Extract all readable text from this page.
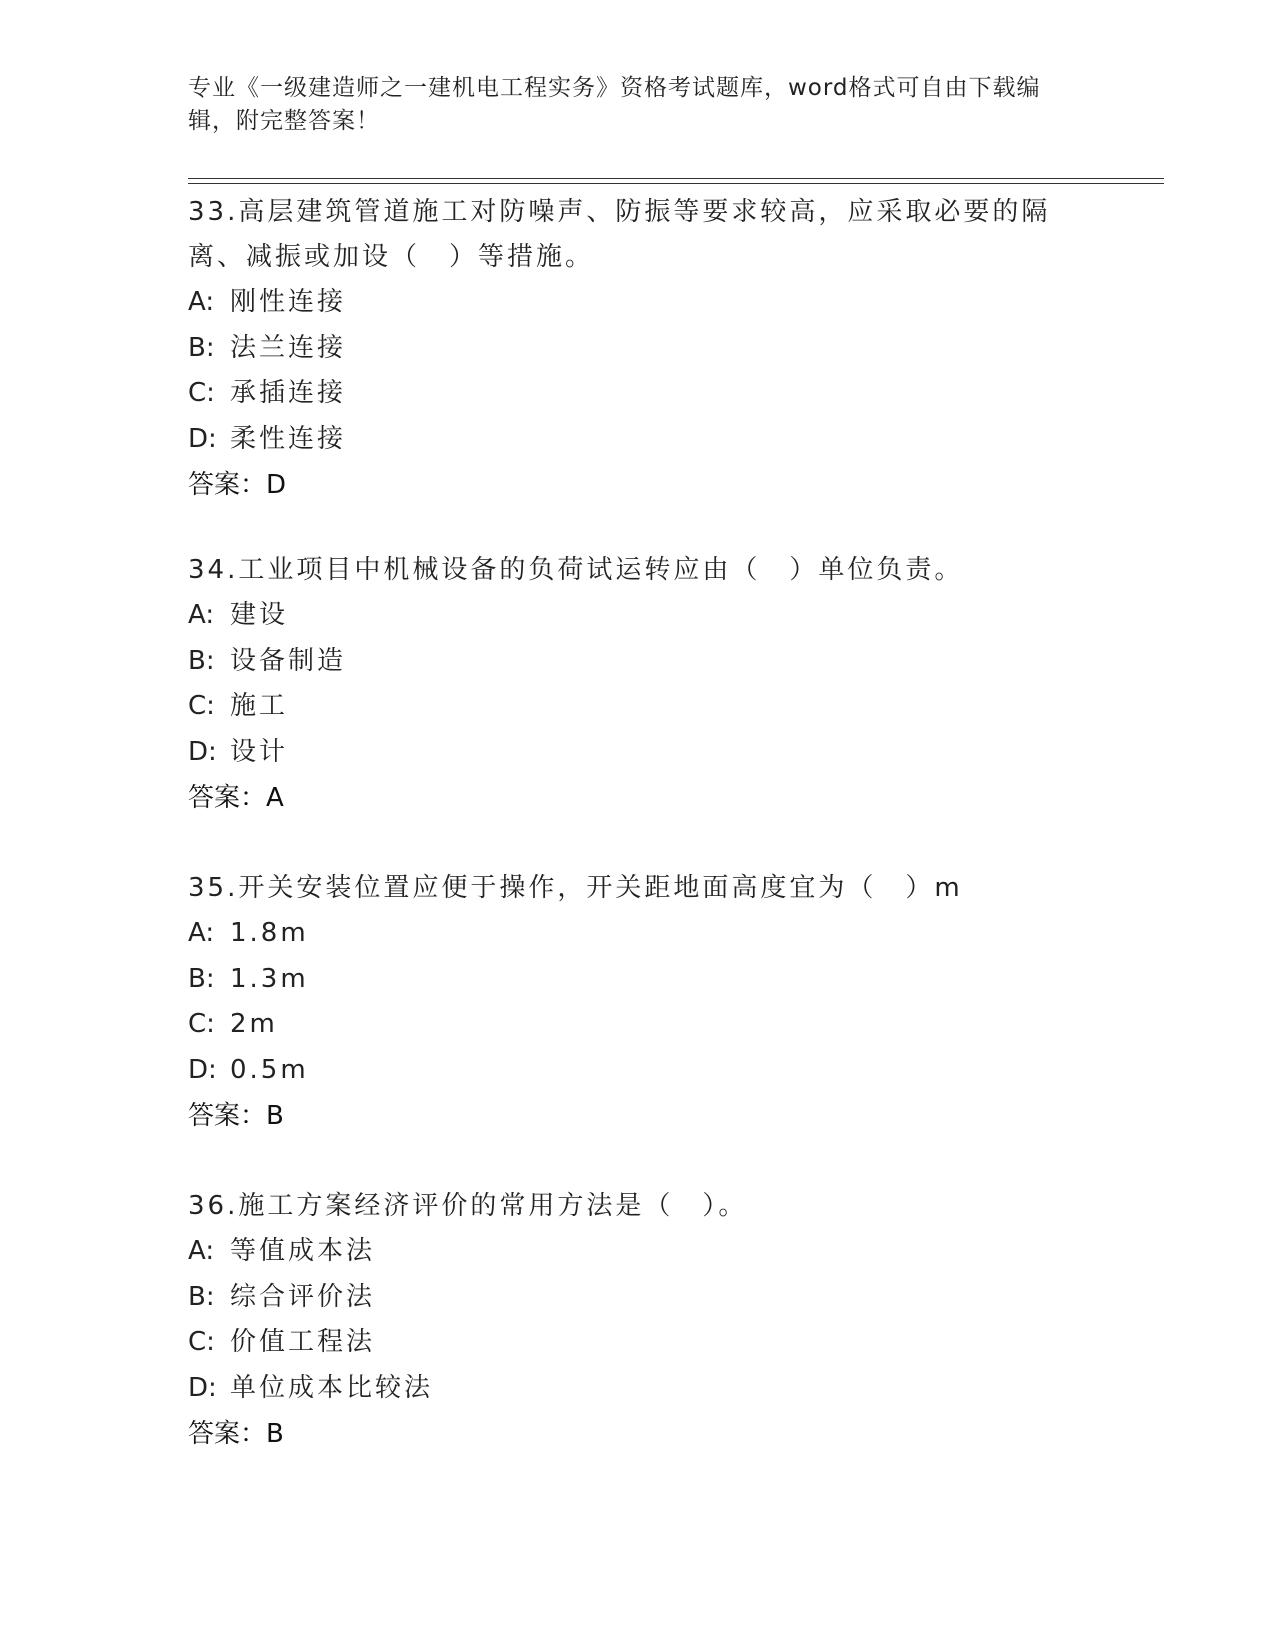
专业《一级建造师之一建机电工程实务》资格考试题库，word格式可自由下载编辑，附完整答案！

33.高层建筑管道施工对防噪声、防振等要求较高，应采取必要的隔离、减振或加设（　）等措施。

A: 刚性连接

B: 法兰连接

C: 承插连接

D: 柔性连接

答案：D

34.工业项目中机械设备的负荷试运转应由（　）单位负责。

A: 建设

B: 设备制造

C: 施工

D: 设计

答案：A

35.开关安装位置应便于操作，开关距地面高度宜为（　）m

A: 1.8m

B: 1.3m

C: 2m

D: 0.5m

答案：B

36.施工方案经济评价的常用方法是（　）。

A: 等值成本法

B: 综合评价法

C: 价值工程法

D: 单位成本比较法

答案：B
